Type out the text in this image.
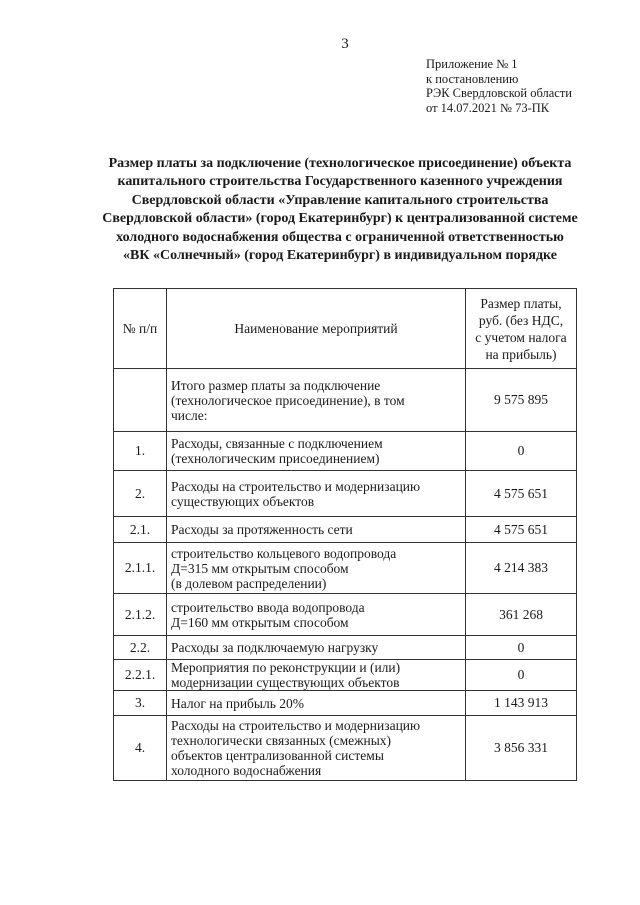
3
Приложение № 1
к постановлению
РЭК Свердловской области
от 14.07.2021 № 73-ПК
Размер платы за подключение (технологическое присоединение) объекта
капитального строительства Государственного казенного учреждения
Свердловской области «Управление капитального строительства
Свердловской области» (город Екатеринбург) к централизованной системе
холодного водоснабжения общества с ограниченной ответственностью
«ВК «Солнечный» (город Екатеринбург) в индивидуальном порядке
№ п/п	Наименование мероприятий	Размер платы,
руб. (без НДС,
с учетом налога
на прибыль)

	Итого размер платы за подключение
(технологическое присоединение), в том
числе:	9 575 895
1.	Расходы, связанные с подключением
(технологическим присоединением)	0
2.	Расходы на строительство и модернизацию
существующих объектов	4 575 651
2.1.	Расходы за протяженность сети	4 575 651
2.1.1.	строительство кольцевого водопровода
Д=315 мм открытым способом
(в долевом распределении)	4 214 383
2.1.2.	строительство ввода водопровода
Д=160 мм открытым способом	361 268
2.2.	Расходы за подключаемую нагрузку	0
2.2.1.	Мероприятия по реконструкции и (или)
модернизации существующих объектов	0
3.	Налог на прибыль 20%	1 143 913
4.	Расходы на строительство и модернизацию
технологически связанных (смежных)
объектов централизованной системы
холодного водоснабжения	3 856 331
